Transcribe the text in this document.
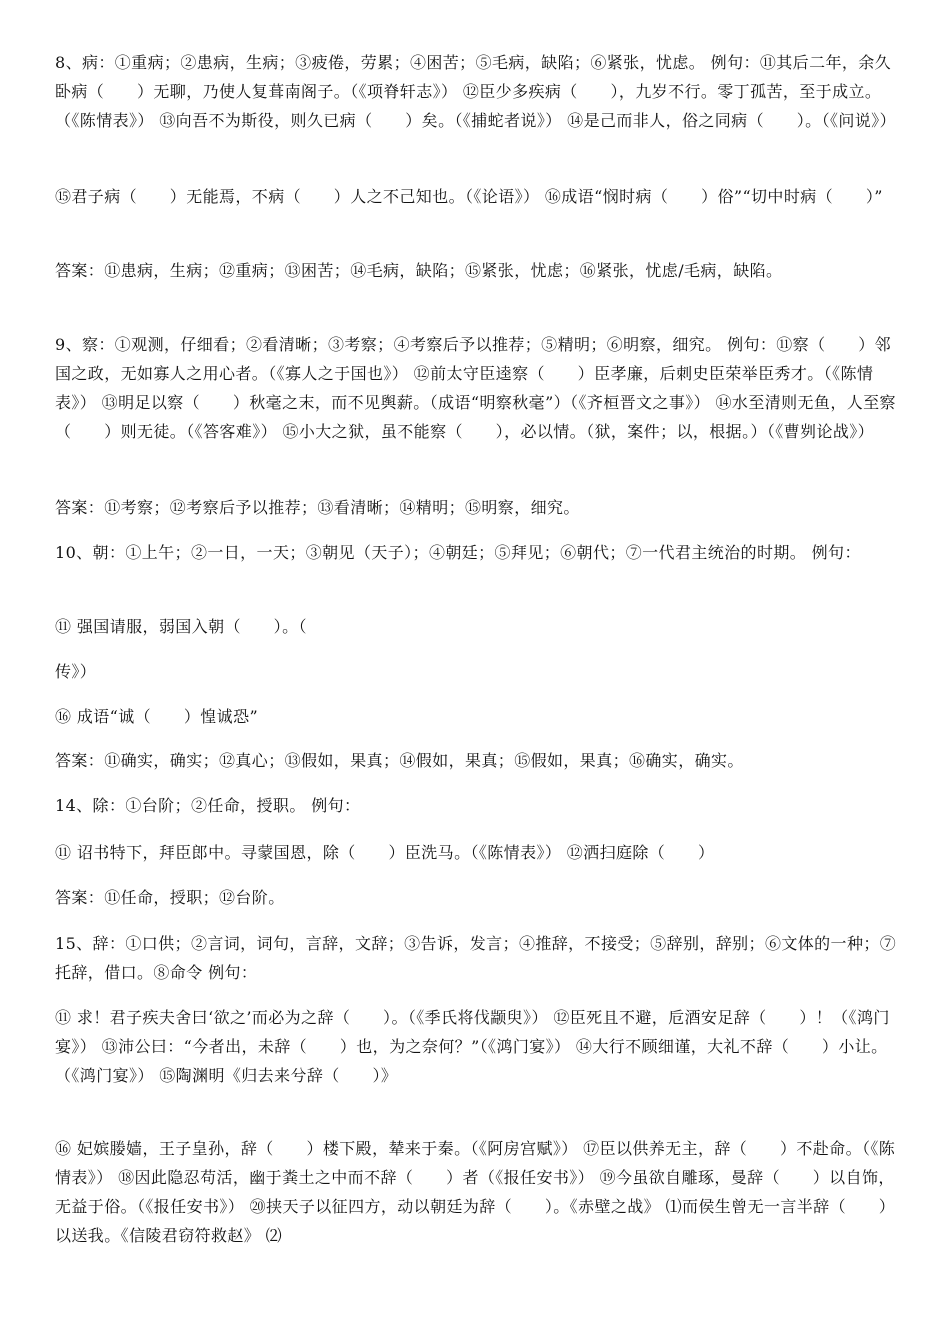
8、病：①重病；②患病，生病；③疲倦，劳累；④困苦；⑤毛病，缺陷；⑥紧张，忧虑。 例句：⑪其后二年，余久卧病（　　）无聊，乃使人复葺南阁子。（《项脊轩志》） ⑫臣少多疾病（　　），九岁不行。零丁孤苦，至于成立。（《陈情表》） ⑬向吾不为斯役，则久已病（　　）矣。（《捕蛇者说》） ⑭是己而非人，俗之同病（　　）。（《问说》）

⑮君子病（　　）无能焉，不病（　　）人之不己知也。（《论语》） ⑯成语“悯时病（　　）俗”“切中时病（　　）”

答案：⑪患病，生病；⑫重病；⑬困苦；⑭毛病，缺陷；⑮紧张，忧虑；⑯紧张，忧虑/毛病，缺陷。

9、察：①观测，仔细看；②看清晰；③考察；④考察后予以推荐；⑤精明；⑥明察，细究。 例句：⑪察（　　）邻国之政，无如寡人之用心者。（《寡人之于国也》） ⑫前太守臣逵察（　　）臣孝廉，后刺史臣荣举臣秀才。（《陈情表》） ⑬明足以察（　　）秋毫之末，而不见舆薪。（成语“明察秋毫”）（《齐桓晋文之事》） ⑭水至清则无鱼，人至察（　　）则无徒。（《答客难》） ⑮小大之狱，虽不能察（　　），必以情。（狱，案件；以，根据。）（《曹刿论战》）

答案：⑪考察；⑫考察后予以推荐；⑬看清晰；⑭精明；⑮明察，细究。

10、朝：①上午；②一日，一天；③朝见（天子）；④朝廷；⑤拜见；⑥朝代；⑦一代君主统治的时期。 例句：

⑪ 强国请服，弱国入朝（　　）。（

传》）

⑯ 成语“诚（　　）惶诚恐”

答案：⑪确实，确实；⑫真心；⑬假如，果真；⑭假如，果真；⑮假如，果真；⑯确实，确实。

14、除：①台阶；②任命，授职。 例句：

⑪ 诏书特下，拜臣郎中。寻蒙国恩，除（　　）臣洗马。（《陈情表》） ⑫洒扫庭除（　　）

答案：⑪任命，授职；⑫台阶。

15、辞：①口供；②言词，词句，言辞，文辞；③告诉，发言；④推辞，不接受；⑤辞别，辞别；⑥文体的一种；⑦托辞，借口。⑧命令 例句：

⑪ 求！君子疾夫舍曰‘欲之’而必为之辞（　　）。（《季氏将伐颛臾》） ⑫臣死且不避，卮酒安足辞（　　）！（《鸿门宴》） ⑬沛公曰：“今者出，未辞（　　）也，为之奈何？”（《鸿门宴》） ⑭大行不顾细谨，大礼不辞（　　）小让。（《鸿门宴》） ⑮陶渊明《归去来兮辞（　　）》

⑯ 妃嫔媵嫱，王子皇孙，辞（　　）楼下殿，辇来于秦。（《阿房宫赋》） ⑰臣以供养无主，辞（　　）不赴命。（《陈情表》） ⑱因此隐忍苟活，幽于粪土之中而不辞（　　）者（《报任安书》） ⑲今虽欲自雕琢，曼辞（　　）以自饰，无益于俗。（《报任安书》） ⑳挟天子以征四方，动以朝廷为辞（　　）。《赤壁之战》 ⑴而侯生曾无一言半辞（　　）以送我。《信陵君窃符救赵》 ⑵
